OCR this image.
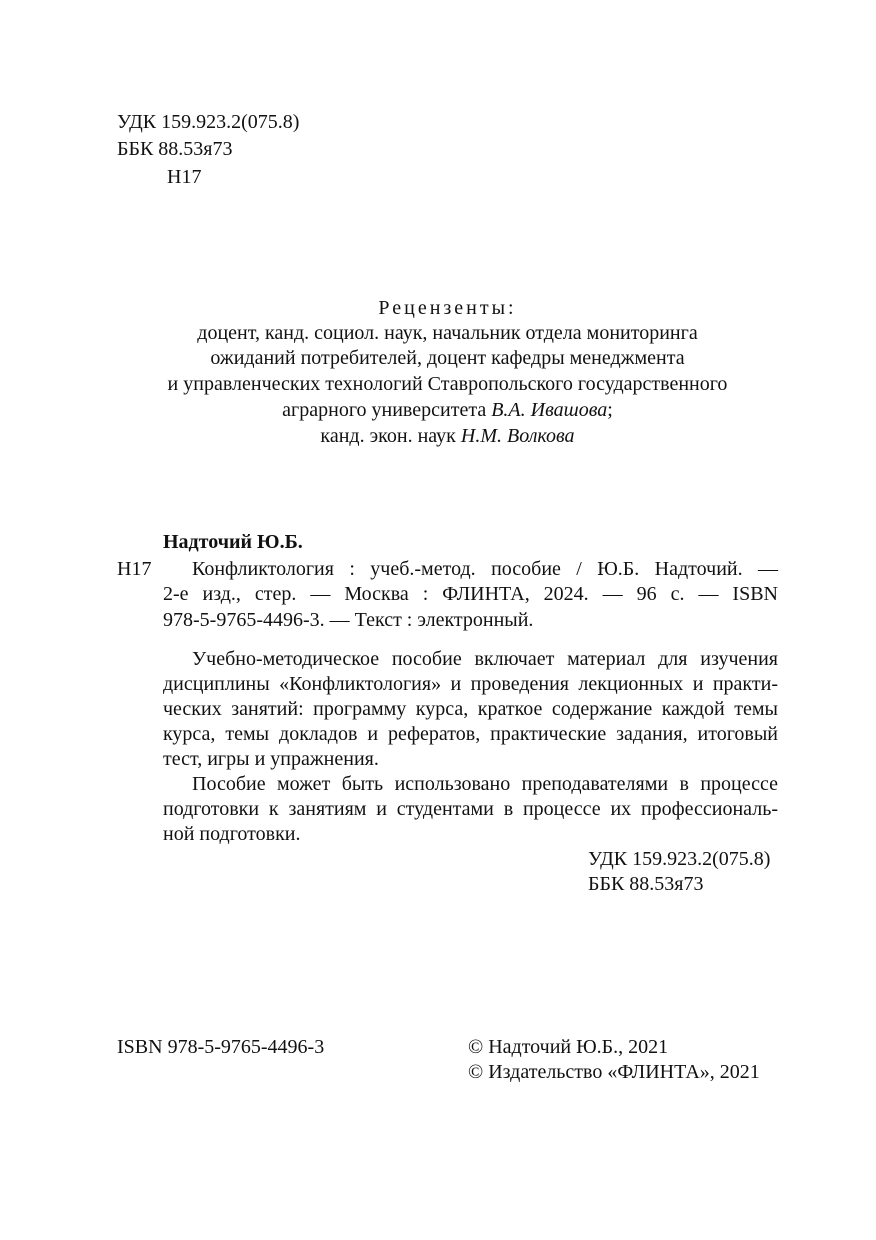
УДК 159.923.2(075.8)
ББК 88.53я73
Н17
Рецензенты:
доцент, канд. социол. наук, начальник отдела мониторинга
ожиданий потребителей, доцент кафедры менеджмента
и управленческих технологий Ставропольского государственного
аграрного университета В.А. Ивашова;
канд. экон. наук Н.М. Волкова
Надточий Ю.Б.
Н17 Конфликтология : учеб.-метод. пособие / Ю.Б. Надточий. —
2-е изд., стер. — Москва : ФЛИНТА, 2024. — 96 с. — ISBN
978-5-9765-4496-3. — Текст : электронный.
Учебно-методическое пособие включает материал для изучения
дисциплины «Конфликтология» и проведения лекционных и практи-
ческих занятий: программу курса, краткое содержание каждой темы
курса, темы докладов и рефератов, практические задания, итоговый
тест, игры и упражнения.
Пособие может быть использовано преподавателями в процессе
подготовки к занятиям и студентами в процессе их профессиональ-
ной подготовки.
УДК 159.923.2(075.8)
ББК 88.53я73
ISBN 978-5-9765-4496-3	© Надточий Ю.Б., 2021
© Издательство «ФЛИНТА», 2021
